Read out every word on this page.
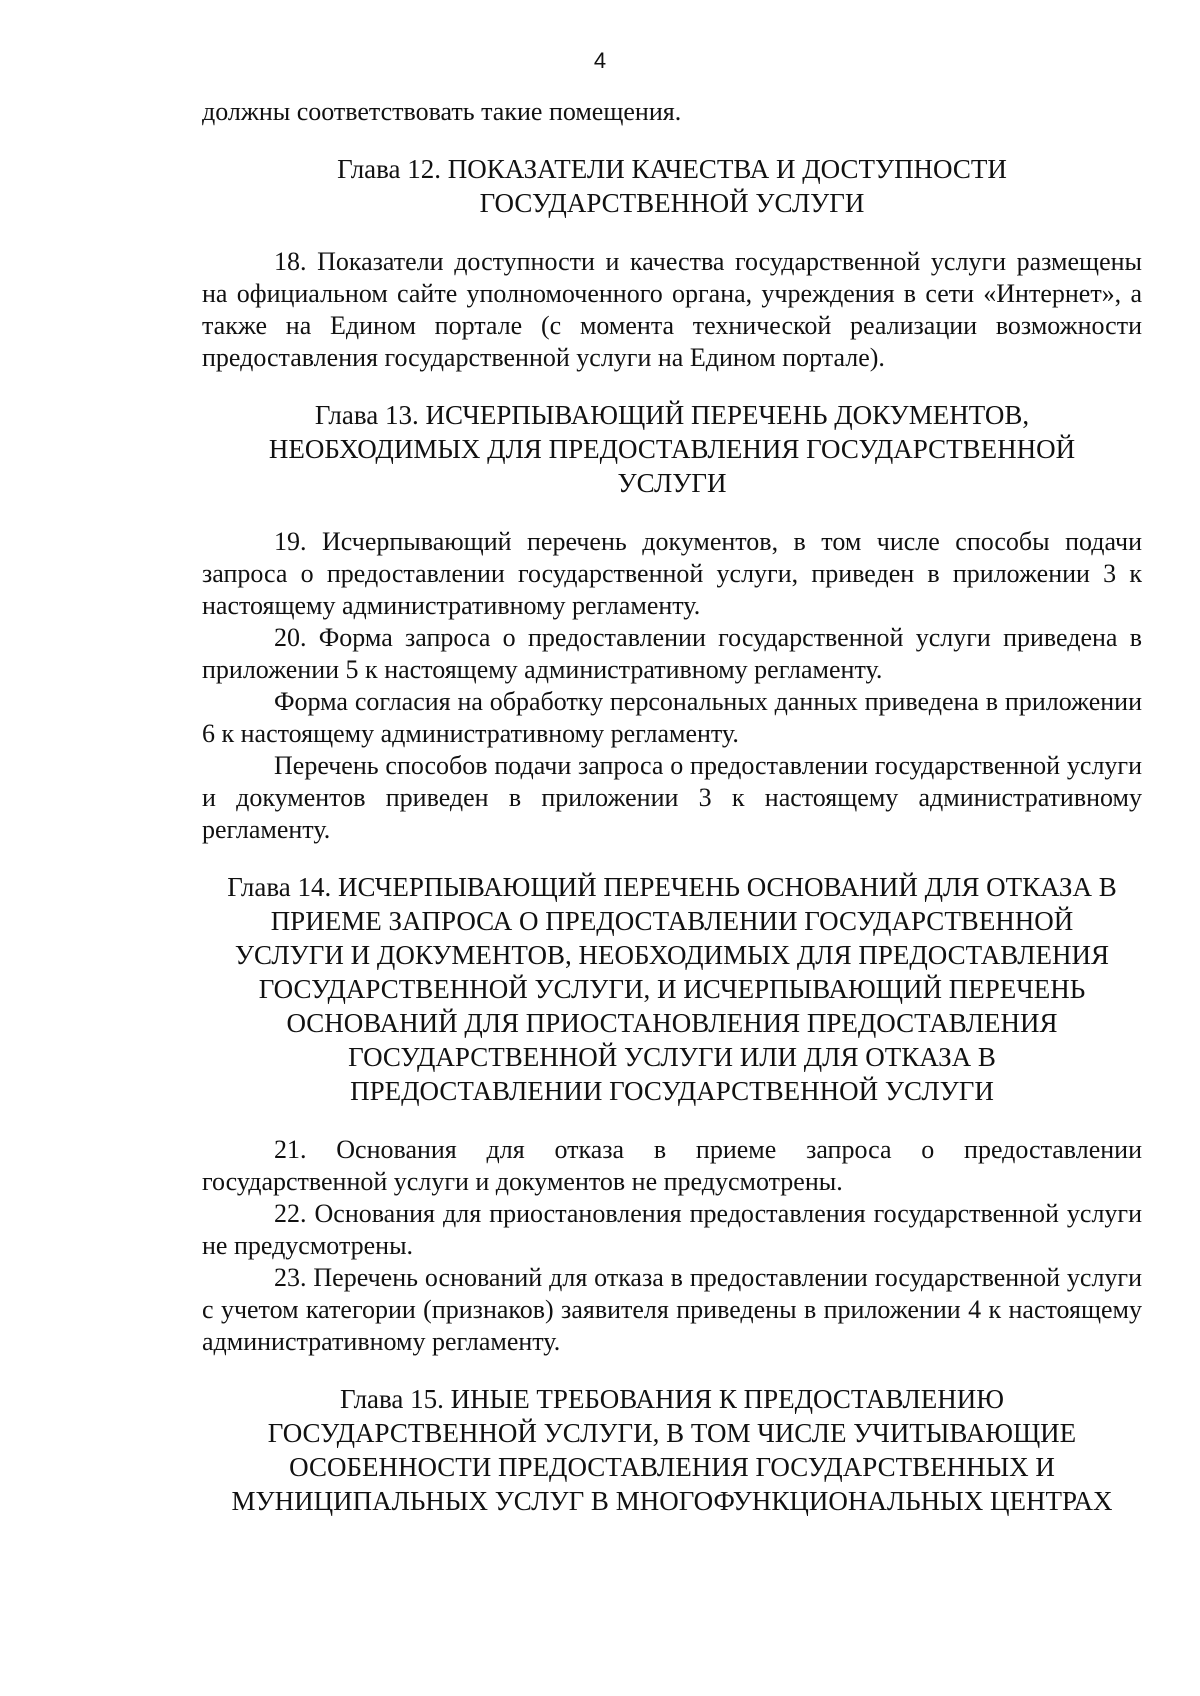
4

должны соответствовать такие помещения.

Глава 12. ПОКАЗАТЕЛИ КАЧЕСТВА И ДОСТУПНОСТИ
ГОСУДАРСТВЕННОЙ УСЛУГИ

18. Показатели доступности и качества государственной услуги размещены на официальном сайте уполномоченного органа, учреждения в сети «Интернет», а также на Едином портале (с момента технической реализации возможности предоставления государственной услуги на Едином портале).

Глава 13. ИСЧЕРПЫВАЮЩИЙ ПЕРЕЧЕНЬ ДОКУМЕНТОВ,
НЕОБХОДИМЫХ ДЛЯ ПРЕДОСТАВЛЕНИЯ ГОСУДАРСТВЕННОЙ
УСЛУГИ

19. Исчерпывающий перечень документов, в том числе способы подачи запроса о предоставлении государственной услуги, приведен в приложении 3 к настоящему административному регламенту.

20. Форма запроса о предоставлении государственной услуги приведена в приложении 5 к настоящему административному регламенту.

Форма согласия на обработку персональных данных приведена в приложении 6 к настоящему административному регламенту.

Перечень способов подачи запроса о предоставлении государственной услуги и документов приведен в приложении 3 к настоящему административному регламенту.

Глава 14. ИСЧЕРПЫВАЮЩИЙ ПЕРЕЧЕНЬ ОСНОВАНИЙ ДЛЯ ОТКАЗА В
ПРИЕМЕ ЗАПРОСА О ПРЕДОСТАВЛЕНИИ ГОСУДАРСТВЕННОЙ
УСЛУГИ И ДОКУМЕНТОВ, НЕОБХОДИМЫХ ДЛЯ ПРЕДОСТАВЛЕНИЯ
ГОСУДАРСТВЕННОЙ УСЛУГИ, И ИСЧЕРПЫВАЮЩИЙ ПЕРЕЧЕНЬ
ОСНОВАНИЙ ДЛЯ ПРИОСТАНОВЛЕНИЯ ПРЕДОСТАВЛЕНИЯ
ГОСУДАРСТВЕННОЙ УСЛУГИ ИЛИ ДЛЯ ОТКАЗА В
ПРЕДОСТАВЛЕНИИ ГОСУДАРСТВЕННОЙ УСЛУГИ

21. Основания для отказа в приеме запроса о предоставлении государственной услуги и документов не предусмотрены.

22. Основания для приостановления предоставления государственной услуги не предусмотрены.

23. Перечень оснований для отказа в предоставлении государственной услуги с учетом категории (признаков) заявителя приведены в приложении 4 к настоящему административному регламенту.

Глава 15. ИНЫЕ ТРЕБОВАНИЯ К ПРЕДОСТАВЛЕНИЮ
ГОСУДАРСТВЕННОЙ УСЛУГИ, В ТОМ ЧИСЛЕ УЧИТЫВАЮЩИЕ
ОСОБЕННОСТИ ПРЕДОСТАВЛЕНИЯ ГОСУДАРСТВЕННЫХ И
МУНИЦИПАЛЬНЫХ УСЛУГ В МНОГОФУНКЦИОНАЛЬНЫХ ЦЕНТРАХ
